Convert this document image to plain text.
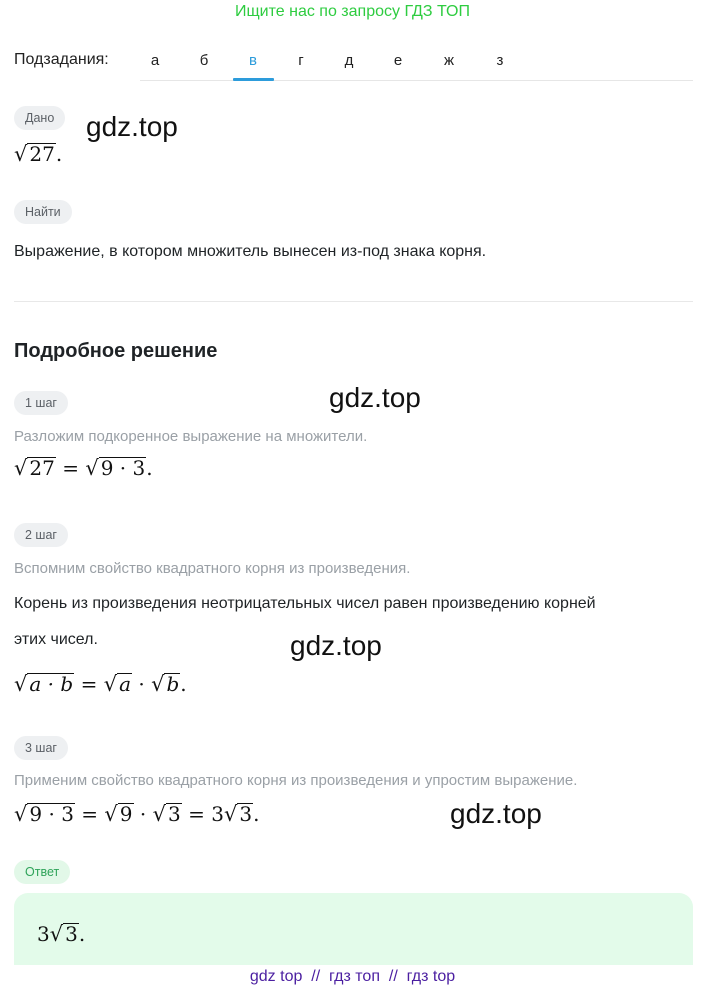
Ищите нас по запросу ГДЗ ТОП
Подзадания:	а	б	в	г	д	е	ж	з
Дано	gdz.top
√ 27.
Найти
Выражение, в котором множитель вынесен из-под знака корня.
Подробное решение
1 шаг	gdz.top
Разложим подкоренное выражение на множители.
√ 27 = √ 9 · 3.
2 шаг
Вспомним свойство квадратного корня из произведения.
Корень из произведения неотрицательных чисел равен произведению корней
этих чисел.	gdz.top
√ a · b = √ a · √ b.
3 шаг
Применим свойство квадратного корня из произведения и упростим выражение.
√ 9 · 3 = √ 9 · √ 3 = 3√ 3.	gdz.top
Ответ
3√ 3.
gdz top  //  гдз топ  //  гдз top
